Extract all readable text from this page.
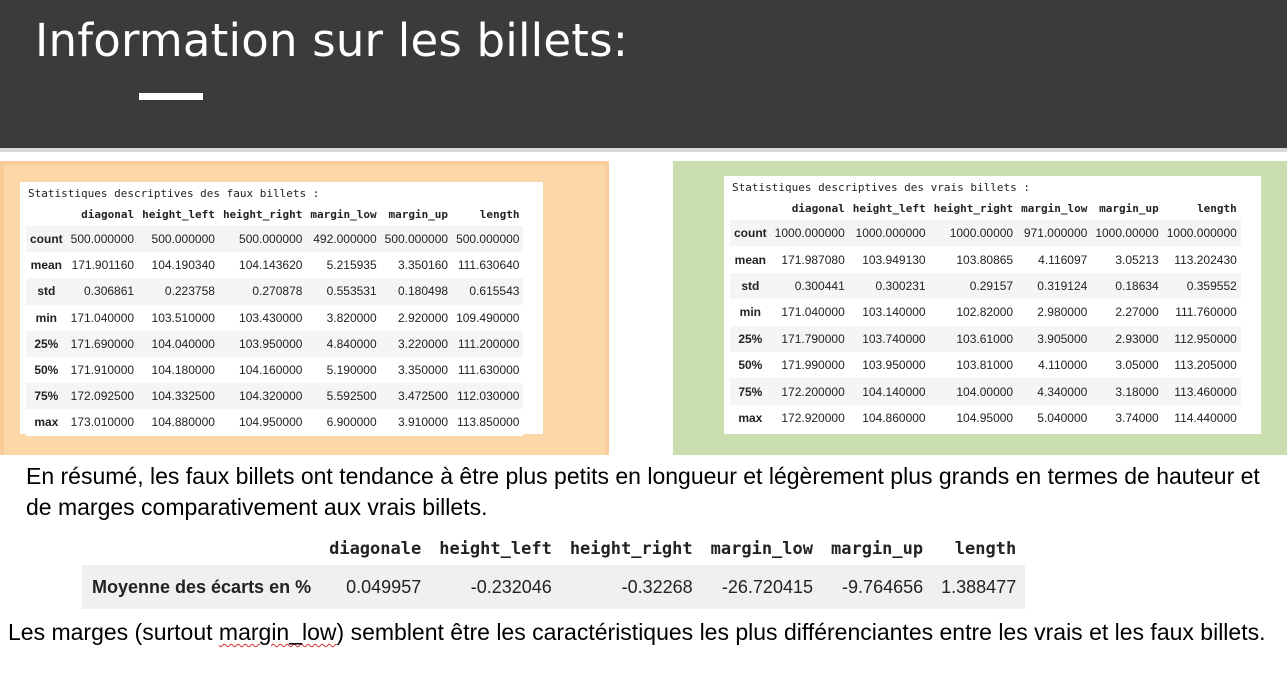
Information sur les billets:
Statistiques descriptives des faux billets :
	diagonal	height_left	height_right	margin_low	margin_up	length
count	500.000000	500.000000	500.000000	492.000000	500.000000	500.000000
mean	171.901160	104.190340	104.143620	5.215935	3.350160	111.630640
std	0.306861	0.223758	0.270878	0.553531	0.180498	0.615543
min	171.040000	103.510000	103.430000	3.820000	2.920000	109.490000
25%	171.690000	104.040000	103.950000	4.840000	3.220000	111.200000
50%	171.910000	104.180000	104.160000	5.190000	3.350000	111.630000
75%	172.092500	104.332500	104.320000	5.592500	3.472500	112.030000
max	173.010000	104.880000	104.950000	6.900000	3.910000	113.850000
Statistiques descriptives des vrais billets :
	diagonal	height_left	height_right	margin_low	margin_up	length
count	1000.000000	1000.000000	1000.00000	971.000000	1000.00000	1000.000000
mean	171.987080	103.949130	103.80865	4.116097	3.05213	113.202430
std	0.300441	0.300231	0.29157	0.319124	0.18634	0.359552
min	171.040000	103.140000	102.82000	2.980000	2.27000	111.760000
25%	171.790000	103.740000	103.61000	3.905000	2.93000	112.950000
50%	171.990000	103.950000	103.81000	4.110000	3.05000	113.205000
75%	172.200000	104.140000	104.00000	4.340000	3.18000	113.460000
max	172.920000	104.860000	104.95000	5.040000	3.74000	114.440000
En résumé, les faux billets ont tendance à être plus petits en longueur et légèrement plus grands en termes de hauteur et de marges comparativement aux vrais billets.
	diagonale	height_left	height_right	margin_low	margin_up	length
Moyenne des écarts en %	0.049957	-0.232046	-0.32268	-26.720415	-9.764656	1.388477
Les marges (surtout margin_low) semblent être les caractéristiques les plus différenciantes entre les vrais et les faux billets.
